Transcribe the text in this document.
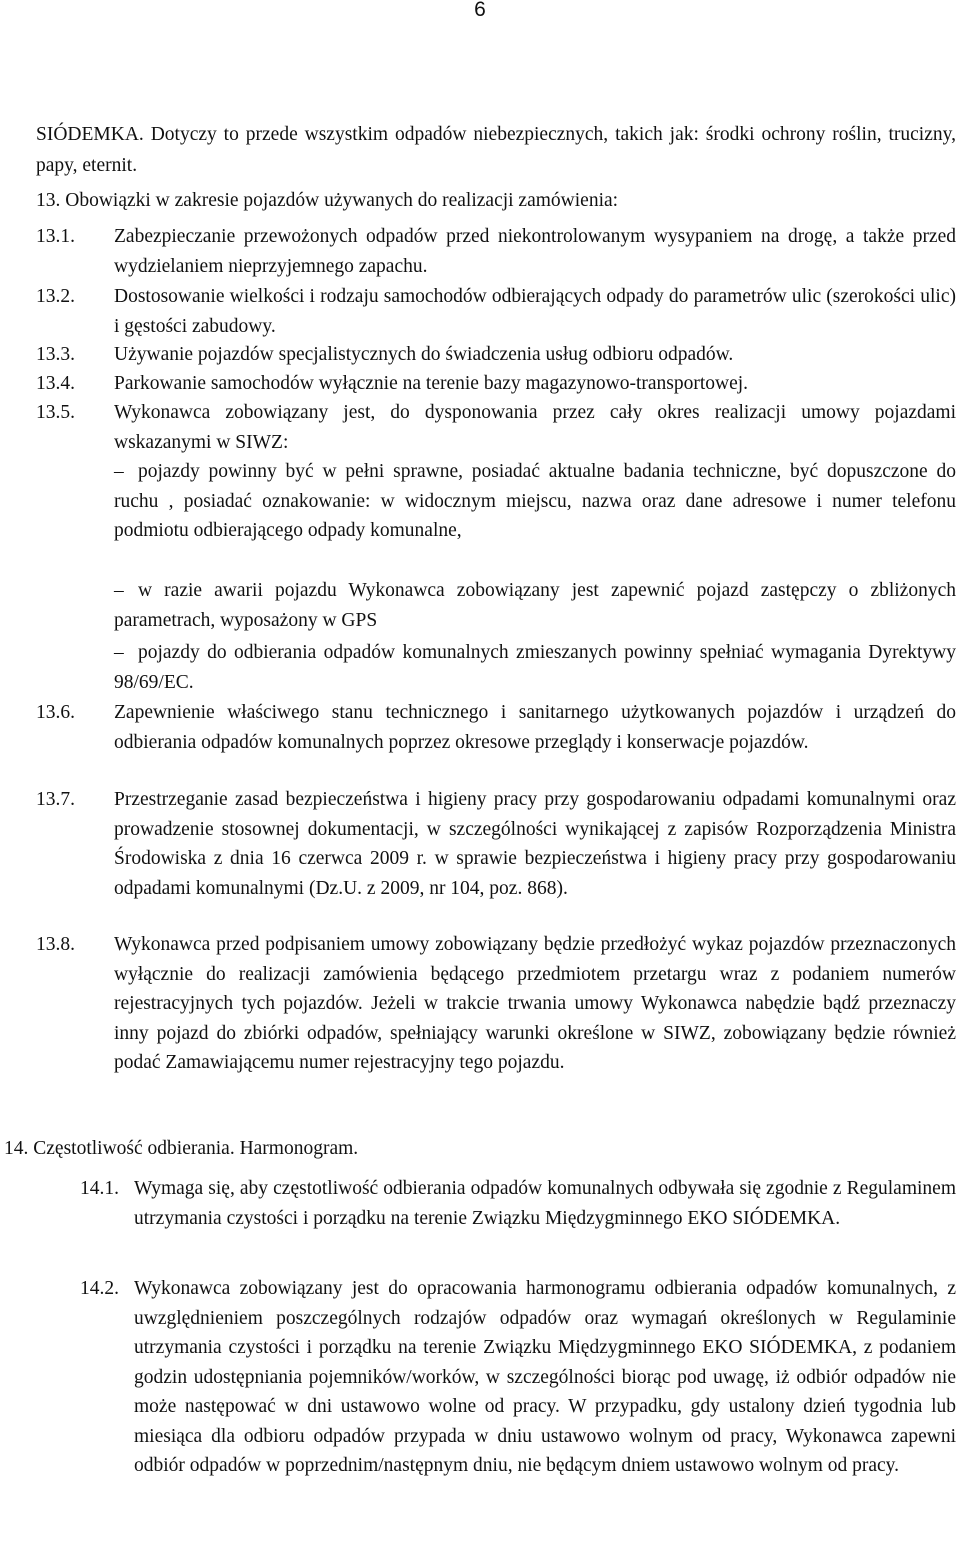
6
SIÓDEMKA. Dotyczy to przede wszystkim odpadów niebezpiecznych, takich jak: środki ochrony roślin, trucizny, papy, eternit.
13. Obowiązki w zakresie pojazdów używanych do realizacji zamówienia:
13.1. Zabezpieczanie przewożonych odpadów przed niekontrolowanym wysypaniem na drogę, a także przed wydzielaniem nieprzyjemnego zapachu.
13.2. Dostosowanie wielkości i rodzaju samochodów odbierających odpady do parametrów ulic (szerokości ulic) i gęstości zabudowy.
13.3. Używanie pojazdów specjalistycznych do świadczenia usług odbioru odpadów.
13.4. Parkowanie samochodów wyłącznie na terenie bazy magazynowo-transportowej.
13.5. Wykonawca zobowiązany jest, do dysponowania przez cały okres realizacji umowy pojazdami wskazanymi w SIWZ:
– pojazdy powinny być w pełni sprawne, posiadać aktualne badania techniczne, być dopuszczone do ruchu , posiadać oznakowanie: w widocznym miejscu, nazwa oraz dane adresowe i numer telefonu podmiotu odbierającego odpady komunalne,
– w razie awarii pojazdu Wykonawca zobowiązany jest zapewnić pojazd zastępczy o zbliżonych parametrach, wyposażony w GPS
– pojazdy do odbierania odpadów komunalnych zmieszanych powinny spełniać wymagania Dyrektywy 98/69/EC.
13.6. Zapewnienie właściwego stanu technicznego i sanitarnego użytkowanych pojazdów i urządzeń do odbierania odpadów komunalnych poprzez okresowe przeglądy i konserwacje pojazdów.
13.7. Przestrzeganie zasad bezpieczeństwa i higieny pracy przy gospodarowaniu odpadami komunalnymi oraz prowadzenie stosownej dokumentacji, w szczególności wynikającej z zapisów Rozporządzenia Ministra Środowiska z dnia 16 czerwca 2009 r. w sprawie bezpieczeństwa i higieny pracy przy gospodarowaniu odpadami komunalnymi (Dz.U. z 2009, nr 104, poz. 868).
13.8. Wykonawca przed podpisaniem umowy zobowiązany będzie przedłożyć wykaz pojazdów przeznaczonych wyłącznie do realizacji zamówienia będącego przedmiotem przetargu wraz z podaniem numerów rejestracyjnych tych pojazdów. Jeżeli w trakcie trwania umowy Wykonawca nabędzie bądź przeznaczy inny pojazd do zbiórki odpadów, spełniający warunki określone w SIWZ, zobowiązany będzie również podać Zamawiającemu numer rejestracyjny tego pojazdu.
14. Częstotliwość odbierania. Harmonogram.
14.1. Wymaga się, aby częstotliwość odbierania odpadów komunalnych odbywała się zgodnie z Regulaminem utrzymania czystości i porządku na terenie Związku Międzygminnego EKO SIÓDEMKA.
14.2. Wykonawca zobowiązany jest do opracowania harmonogramu odbierania odpadów komunalnych, z uwzględnieniem poszczególnych rodzajów odpadów oraz wymagań określonych w Regulaminie utrzymania czystości i porządku na terenie Związku Międzygminnego EKO SIÓDEMKA, z podaniem godzin udostępniania pojemników/worków, w szczególności biorąc pod uwagę, iż odbiór odpadów nie może następować w dni ustawowo wolne od pracy. W przypadku, gdy ustalony dzień tygodnia lub miesiąca dla odbioru odpadów przypada w dniu ustawowo wolnym od pracy, Wykonawca zapewni odbiór odpadów w poprzednim/następnym dniu, nie będącym dniem ustawowo wolnym od pracy.
